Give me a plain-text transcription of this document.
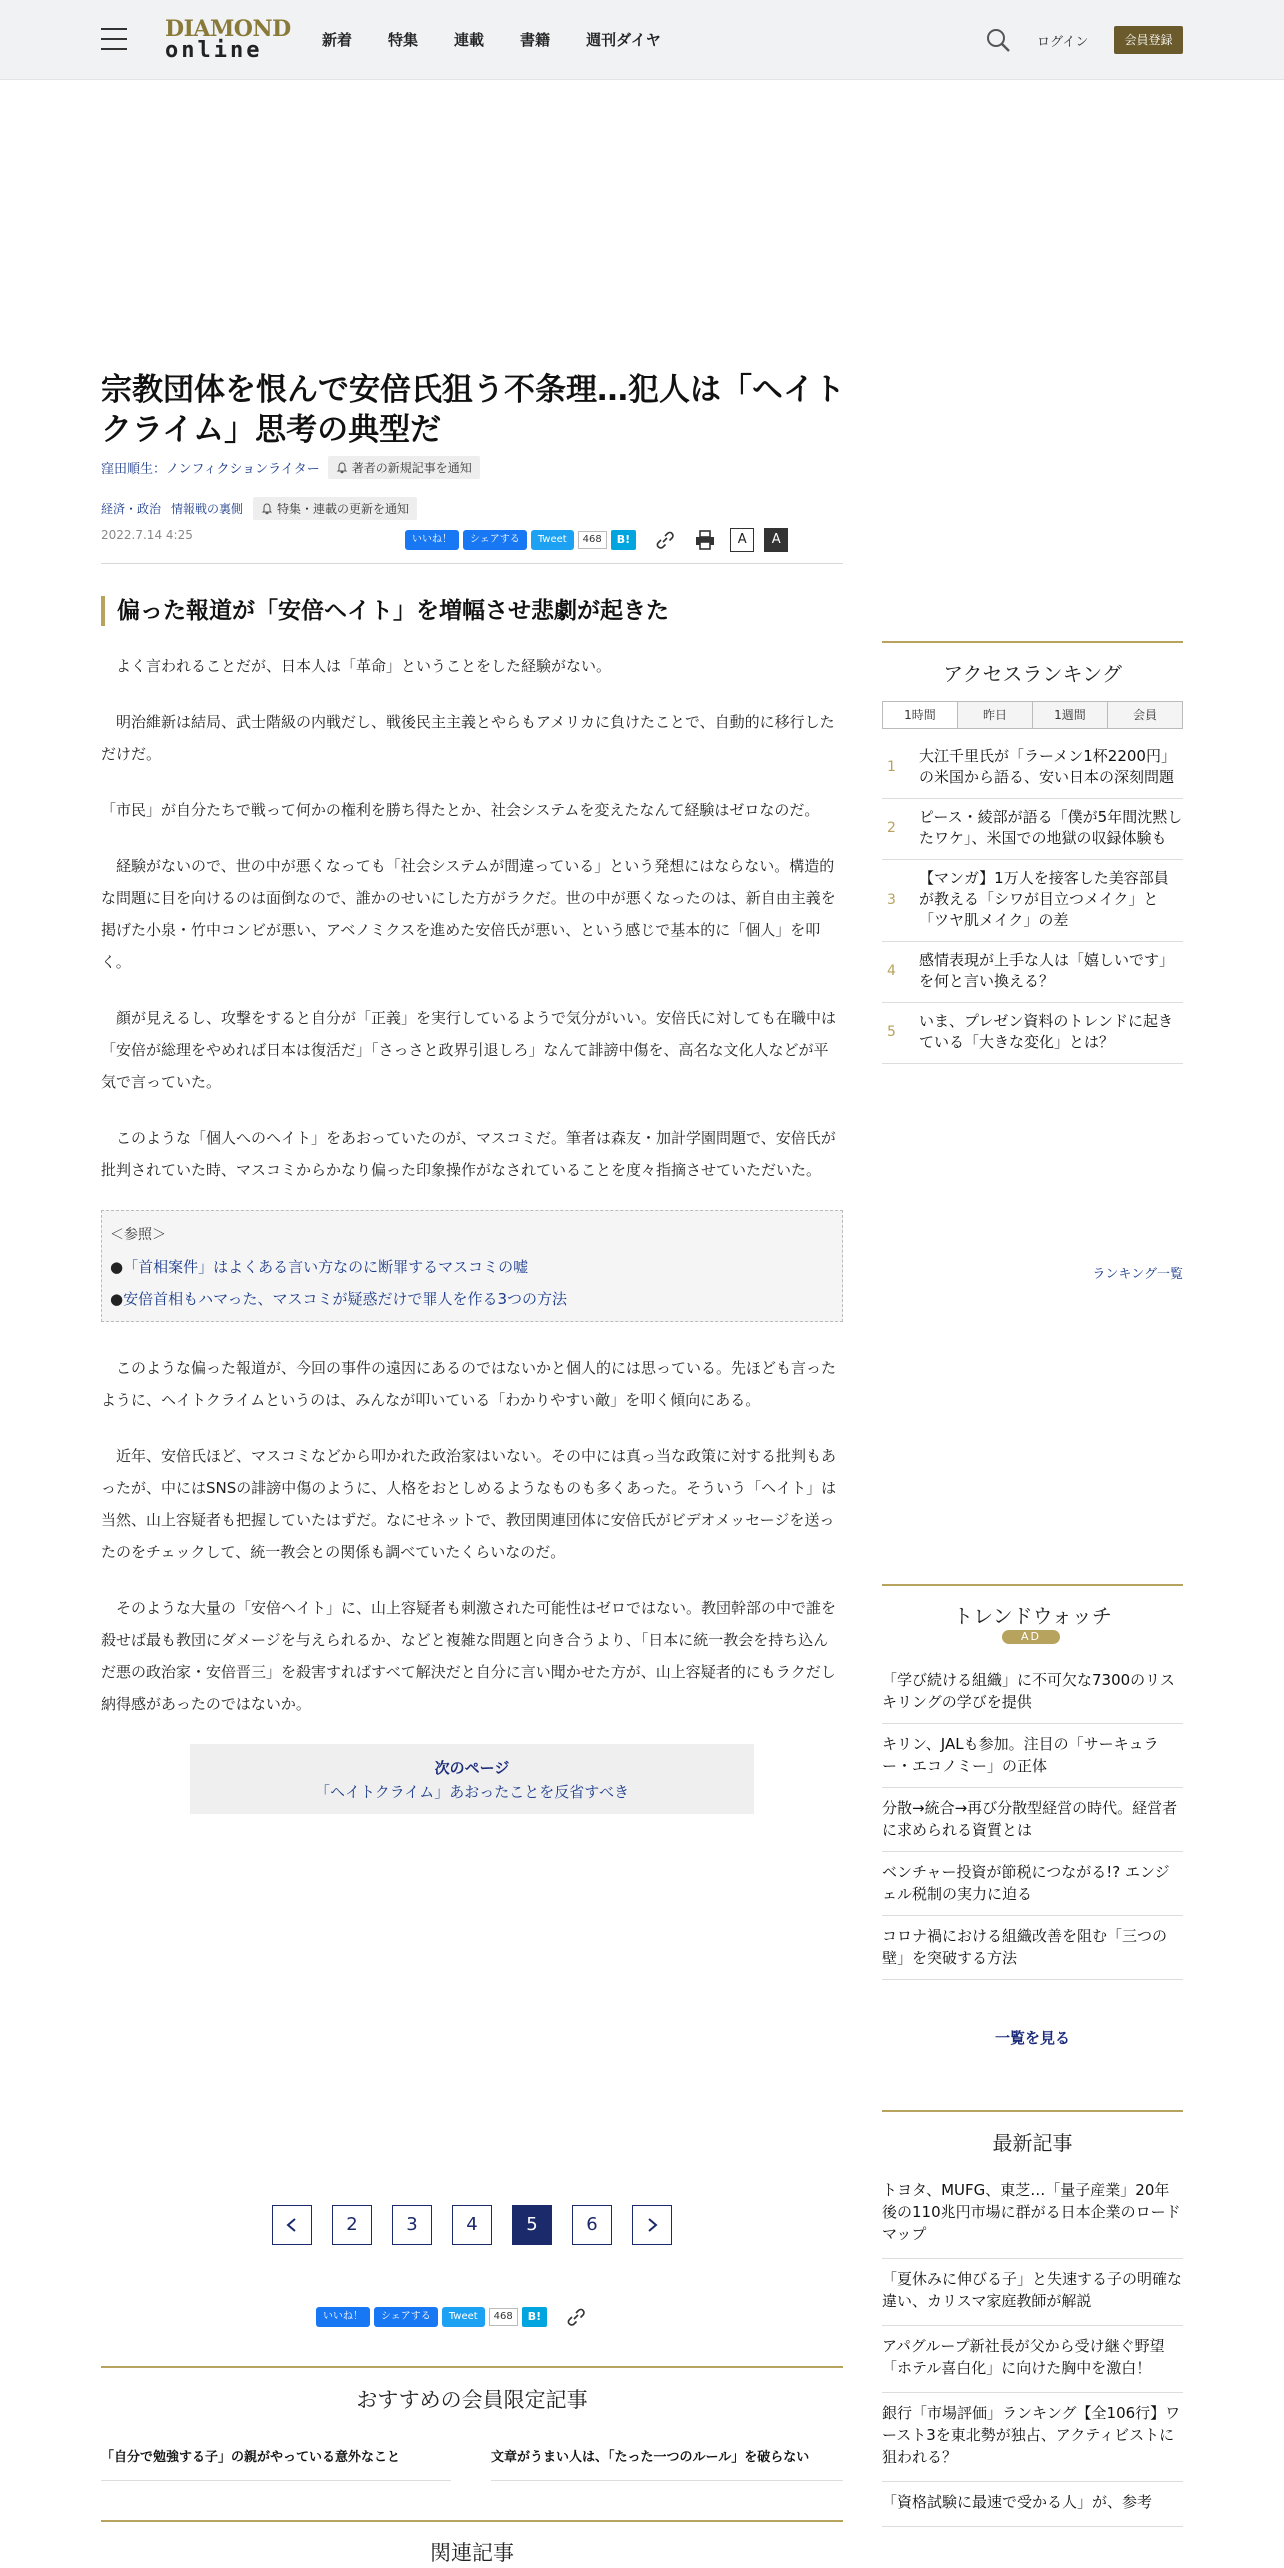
DIAMOND
online	新着 特集 連載 書籍 週刊ダイヤ	ログイン	会員登録
宗教団体を恨んで安倍氏狙う不条理…犯人は「ヘイトクライム」思考の典型だ
窪田順生：ノンフィクションライター	著者の新規記事を通知
経済・政治 情報戦の裏側	特集・連載の更新を通知
2022.7.14 4:25	いいね！	シェアする	Tweet	468	B!	A	A
偏った報道が「安倍ヘイト」を増幅させ悲劇が起きた

　よく言われることだが、日本人は「革命」ということをした経験がない。

　明治維新は結局、武士階級の内戦だし、戦後民主主義とやらもアメリカに負けたことで、自動的に移行しただけだ。

「市民」が自分たちで戦って何かの権利を勝ち得たとか、社会システムを変えたなんて経験はゼロなのだ。

　経験がないので、世の中が悪くなっても「社会システムが間違っている」という発想にはならない。構造的な問題に目を向けるのは面倒なので、誰かのせいにした方がラクだ。世の中が悪くなったのは、新自由主義を掲げた小泉・竹中コンビが悪い、アベノミクスを進めた安倍氏が悪い、という感じで基本的に「個人」を叩く。

　顔が見えるし、攻撃をすると自分が「正義」を実行しているようで気分がいい。安倍氏に対しても在職中は「安倍が総理をやめれば日本は復活だ」「さっさと政界引退しろ」なんて誹謗中傷を、高名な文化人などが平気で言っていた。

　このような「個人へのヘイト」をあおっていたのが、マスコミだ。筆者は森友・加計学園問題で、安倍氏が批判されていた時、マスコミからかなり偏った印象操作がなされていることを度々指摘させていただいた。

＜参照＞
●「首相案件」はよくある言い方なのに断罪するマスコミの嘘
●安倍首相もハマった、マスコミが疑惑だけで罪人を作る3つの方法

　このような偏った報道が、今回の事件の遠因にあるのではないかと個人的には思っている。先ほども言ったように、ヘイトクライムというのは、みんなが叩いている「わかりやすい敵」を叩く傾向にある。

　近年、安倍氏ほど、マスコミなどから叩かれた政治家はいない。その中には真っ当な政策に対する批判もあったが、中にはSNSの誹謗中傷のように、人格をおとしめるようなものも多くあった。そういう「ヘイト」は当然、山上容疑者も把握していたはずだ。なにせネットで、教団関連団体に安倍氏がビデオメッセージを送ったのをチェックして、統一教会との関係も調べていたくらいなのだ。

　そのような大量の「安倍ヘイト」に、山上容疑者も刺激された可能性はゼロではない。教団幹部の中で誰を殺せば最も教団にダメージを与えられるか、などと複雑な問題と向き合うより、「日本に統一教会を持ち込んだ悪の政治家・安倍晋三」を殺害すればすべて解決だと自分に言い聞かせた方が、山上容疑者的にもラクだし納得感があったのではないか。

次のページ
「ヘイトクライム」あおったことを反省すべき
2	3	4	5	6
いいね！	シェアする	Tweet	468	B!
おすすめの会員限定記事
「自分で勉強する子」の親がやっている意外なこと	文章がうまい人は、「たった一つのルール」を破らない
関連記事
アクセスランキング
1時間	昨日	1週間	会員
1
大江千里氏が「ラーメン1杯2200円」の米国から語る、安い日本の深刻問題
2
ピース・綾部が語る「僕が5年間沈黙したワケ」、米国での地獄の収録体験も
3
【マンガ】1万人を接客した美容部員が教える「シワが目立つメイク」と「ツヤ肌メイク」の差
4
感情表現が上手な人は「嬉しいです」を何と言い換える？
5
いま、プレゼン資料のトレンドに起きている「大きな変化」とは？
ランキング一覧
トレンドウォッチ
AD
「学び続ける組織」に不可欠な7300のリスキリングの学びを提供
キリン、JALも参加。注目の「サーキュラー・エコノミー」の正体
分散→統合→再び分散型経営の時代。経営者に求められる資質とは
ベンチャー投資が節税につながる!? エンジェル税制の実力に迫る
コロナ禍における組織改善を阻む「三つの壁」を突破する方法
一覧を見る
最新記事
トヨタ、MUFG、東芝…「量子産業」20年後の110兆円市場に群がる日本企業のロードマップ
「夏休みに伸びる子」と失速する子の明確な違い、カリスマ家庭教師が解説
アパグループ新社長が父から受け継ぐ野望「ホテル喜白化」に向けた胸中を激白！
銀行「市場評価」ランキング【全106行】ワースト3を東北勢が独占、アクティビストに狙われる？
「資格試験に最速で受かる人」が、参考
